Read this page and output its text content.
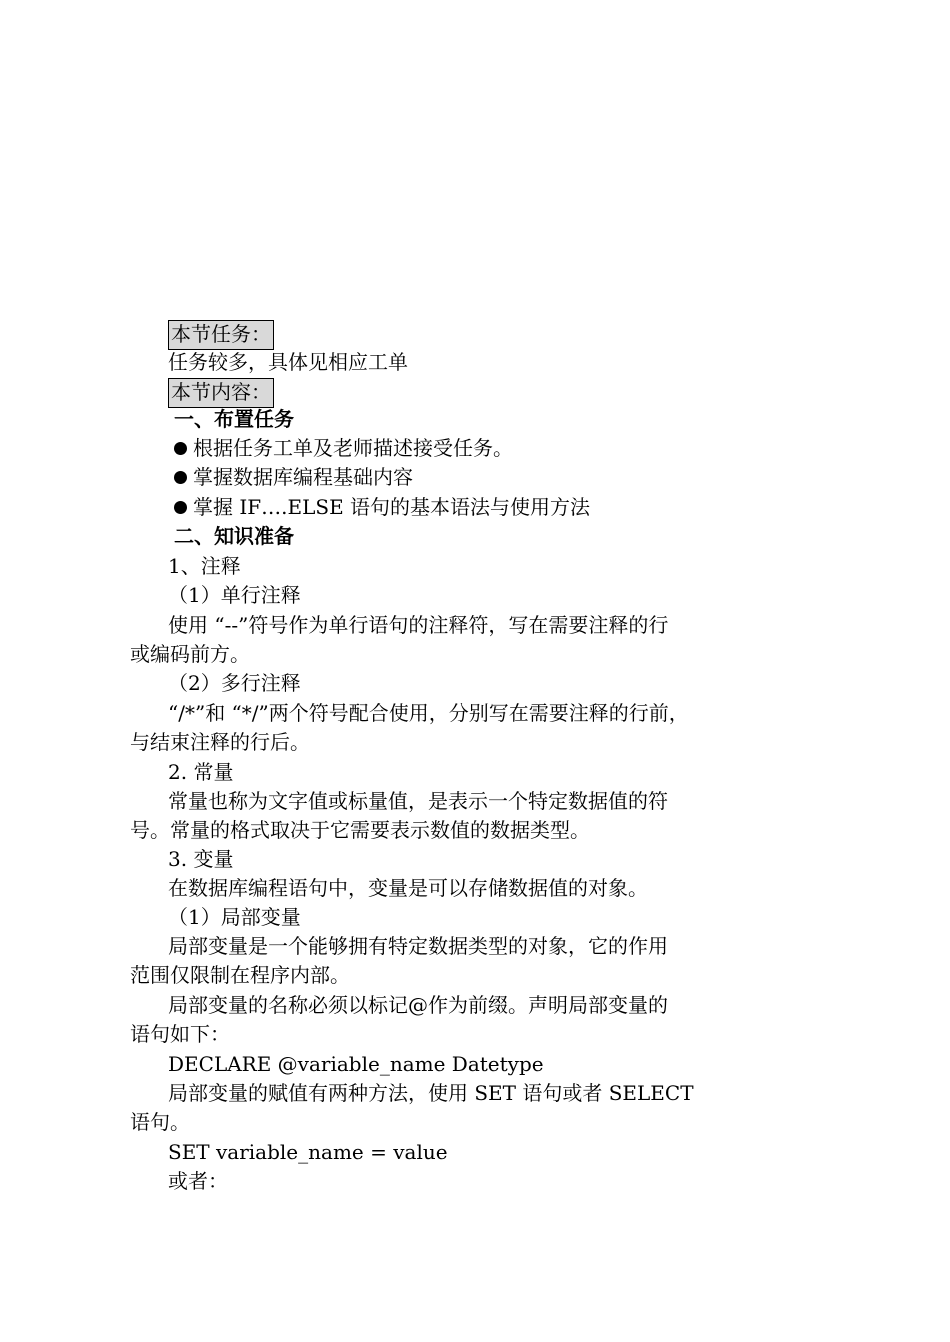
本节任务：
任务较多，具体见相应工单
本节内容：
一、布置任务
根据任务工单及老师描述接受任务。
掌握数据库编程基础内容
掌握 IF….ELSE 语句的基本语法与使用方法
二、知识准备
1、注释
（1）单行注释
使用 “--”符号作为单行语句的注释符，写在需要注释的行
或编码前方。
（2）多行注释
“/*”和 “*/”两个符号配合使用，分别写在需要注释的行前，
与结束注释的行后。
2. 常量
常量也称为文字值或标量值，是表示一个特定数据值的符
号。常量的格式取决于它需要表示数值的数据类型。
3. 变量
在数据库编程语句中，变量是可以存储数据值的对象。
（1）局部变量
局部变量是一个能够拥有特定数据类型的对象，它的作用
范围仅限制在程序内部。
局部变量的名称必须以标记@作为前缀。声明局部变量的
语句如下：
DECLARE @variable_name Datetype
局部变量的赋值有两种方法，使用 SET 语句或者 SELECT
语句。
SET variable_name = value
或者：
